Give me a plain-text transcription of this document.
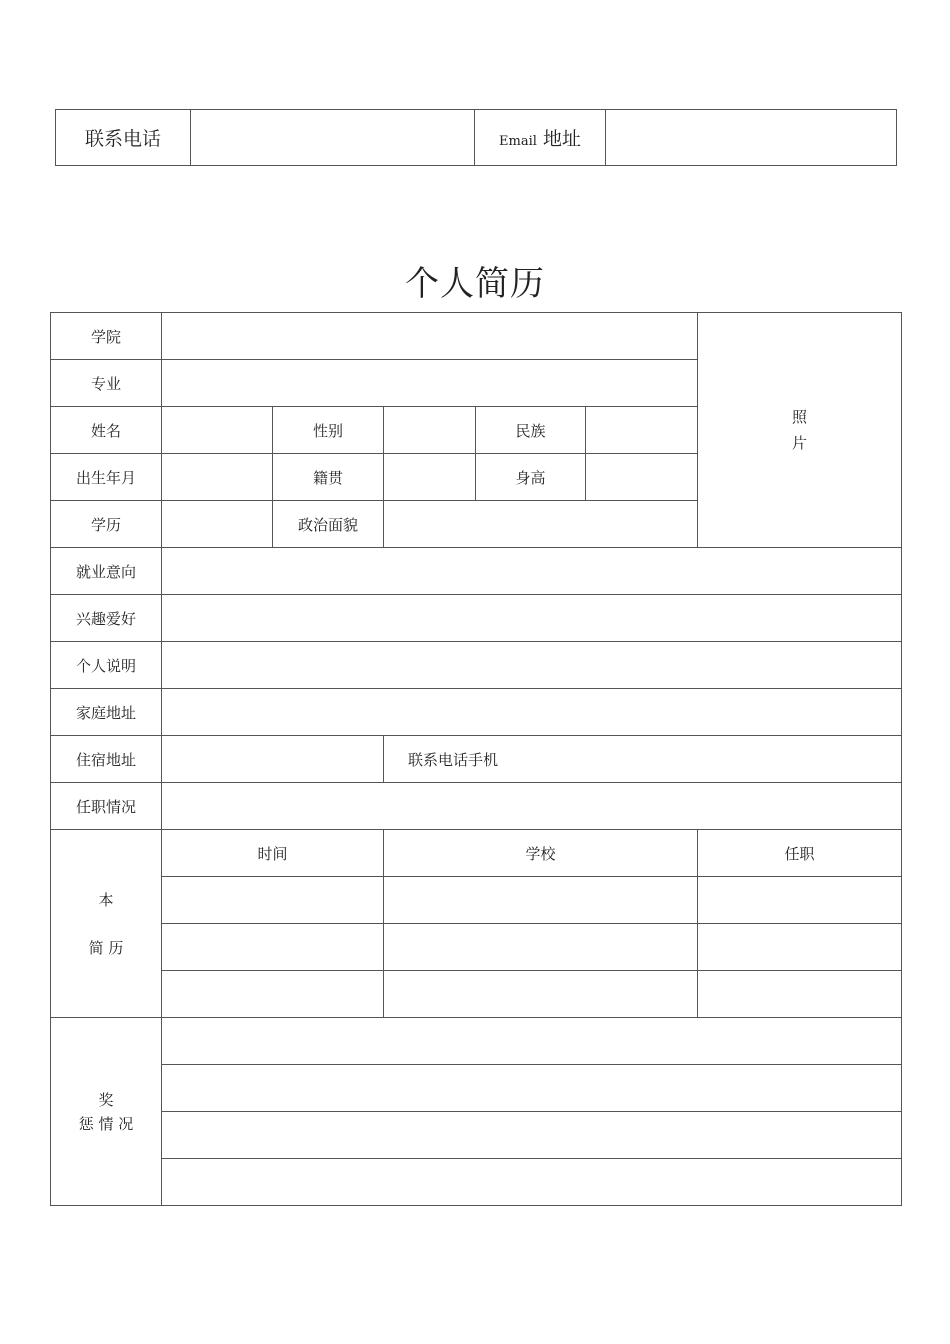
联系电话		Email 地址	
个人简历
学院						照
片
专业						
姓名		性别		民族		
出生年月		籍贯		身高		
学历		政治面貌				
就业意向						
兴趣爱好						
个人说明						
家庭地址						
住宿地址			联系电话手机			
任职情况						
本

简 历	时间		学校			任职

奖
惩 情 况						
